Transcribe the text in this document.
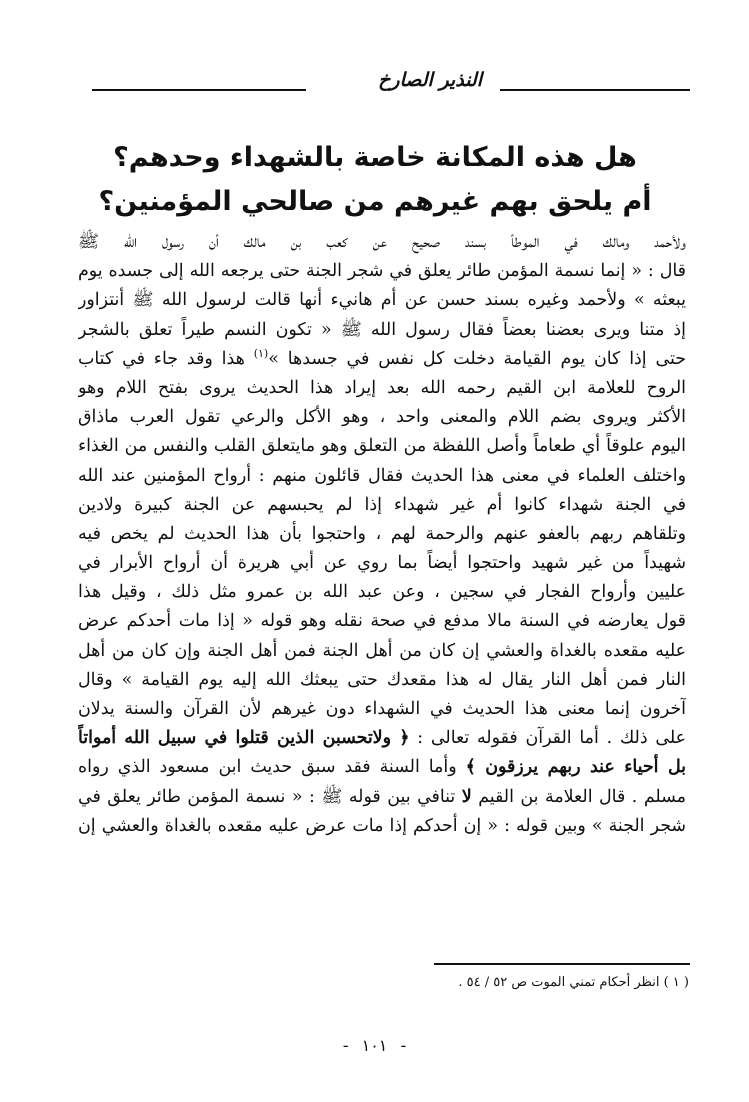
النذير الصارخ
هل هذه المكانة خاصة بالشهداء وحدهم؟
أم يلحق بهم غيرهم من صالحي المؤمنين؟
ولأحمد ومالك في الموطأ بسند صحيح عن كعب بن مالك أن رسول الله ﷺ
قال : « إنما نسمة المؤمن طائر يعلق في شجر الجنة حتى يرجعه الله إلى جسده يوم
يبعثه » ولأحمد وغيره بسند حسن عن أم هانيء أنها قالت لرسول الله ﷺ أنتزاور
إذ متنا ويرى بعضنا بعضاً فقال رسول الله ﷺ « تكون النسم طيراً تعلق بالشجر
حتى إذا كان يوم القيامة دخلت كل نفس في جسدها »$^{(١)}$ هذا وقد جاء في كتاب
الروح للعلامة ابن القيم رحمه الله بعد إيراد هذا الحديث يروى بفتح اللام وهو
الأكثر ويروى بضم اللام والمعنى واحد ، وهو الأكل والرعي تقول العرب ماذاق
اليوم علوقاً أي طعاماً وأصل اللفظة من التعلق وهو مايتعلق القلب والنفس من الغذاء
واختلف العلماء في معنى هذا الحديث فقال قائلون منهم : أرواح المؤمنين عند الله
في الجنة شهداء كانوا أم غير شهداء إذا لم يحبسهم عن الجنة كبيرة ولادين
وتلقاهم ربهم بالعفو عنهم والرحمة لهم ، واحتجوا بأن هذا الحديث لم يخص فيه
شهيداً من غير شهيد واحتجوا أيضاً بما روي عن أبي هريرة أن أرواح الأبرار في
عليين وأرواح الفجار في سجين ، وعن عبد الله بن عمرو مثل ذلك ، وقيل هذا
قول يعارضه في السنة مالا مدفع في صحة نقله وهو قوله « إذا مات أحدكم عرض
عليه مقعده بالغداة والعشي إن كان من أهل الجنة فمن أهل الجنة وإن كان من أهل
النار فمن أهل النار يقال له هذا مقعدك حتى يبعثك الله إليه يوم القيامة » وقال
آخرون إنما معنى هذا الحديث في الشهداء دون غيرهم لأن القرآن والسنة يدلان
على ذلك . أما القرآن فقوله تعالى : ﴿ ولاتحسبن الذين قتلوا في سبيل الله أمواتاً
بل أحياء عند ربهم يرزقون ﴾ وأما السنة فقد سبق حديث ابن مسعود الذي رواه
مسلم . قال العلامة بن القيم لا تنافي بين قوله ﷺ : « نسمة المؤمن طائر يعلق في
شجر الجنة » وبين قوله : « إن أحدكم إذا مات عرض عليه مقعده بالغداة والعشي إن
( ١ ) انظر أحكام تمني الموت ص ٥٢ / ٥٤ .
- ١٠١ -
